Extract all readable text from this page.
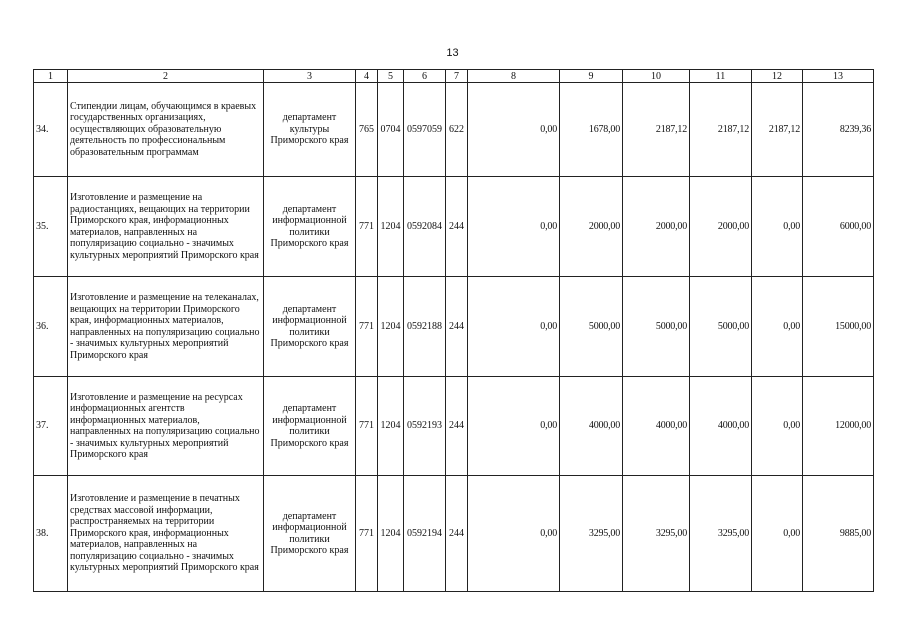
13
1	2	3	4	5	6	7	8	9	10	11	12	13
34.	Стипендии лицам, обучающимся в краевых государственных организациях, осуществляющих образовательную деятельность по профессиональным образовательным программам	департамент культуры Приморского края	765	0704	0597059	622	0,00	1678,00	2187,12	2187,12	2187,12	8239,36
35.	Изготовление и размещение на радиостанциях, вещающих на территории Приморского края, информационных материалов, направленных на популяризацию социально - значимых культурных мероприятий Приморского края	департамент информационной политики Приморского края	771	1204	0592084	244	0,00	2000,00	2000,00	2000,00	0,00	6000,00
36.	Изготовление и размещение на телеканалах, вещающих на территории Приморского края, информационных материалов, направленных на популяризацию социально - значимых культурных мероприятий Приморского края	департамент информационной политики Приморского края	771	1204	0592188	244	0,00	5000,00	5000,00	5000,00	0,00	15000,00
37.	Изготовление и размещение на ресурсах информационных агентств информационных материалов, направленных на популяризацию социально - значимых культурных мероприятий Приморского края	департамент информационной политики Приморского края	771	1204	0592193	244	0,00	4000,00	4000,00	4000,00	0,00	12000,00
38.	Изготовление и размещение в печатных средствах массовой информации, распространяемых на территории Приморского края, информационных материалов, направленных на популяризацию социально - значимых культурных мероприятий Приморского края	департамент информационной политики Приморского края	771	1204	0592194	244	0,00	3295,00	3295,00	3295,00	0,00	9885,00
